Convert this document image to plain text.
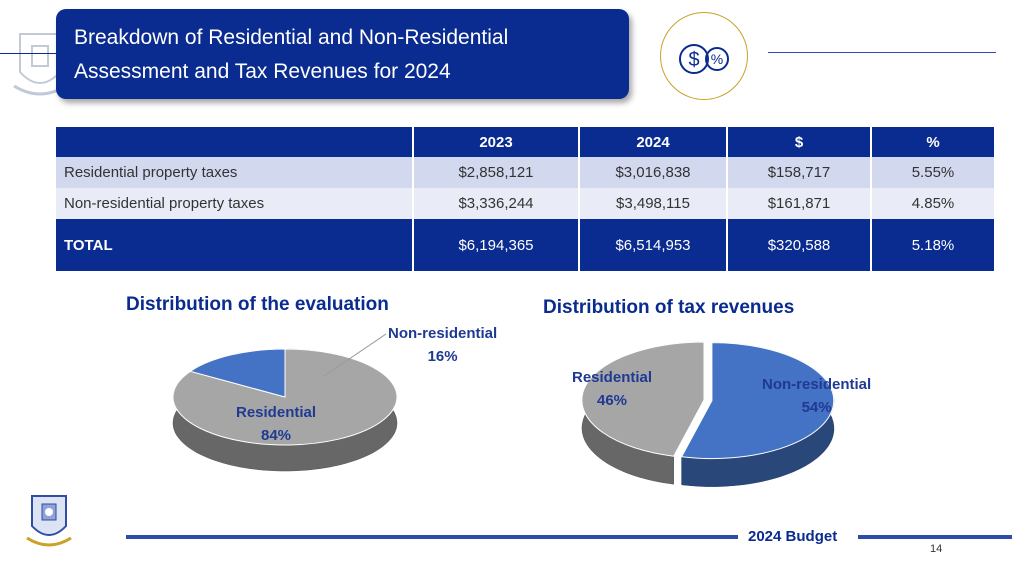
Breakdown of Residential and Non-Residential
Assessment and Tax Revenues for 2024	$ %
	2023	2024	$	%
Residential property taxes	$2,858,121	$3,016,838	$158,717	5.55%
Non-residential property taxes	$3,336,244	$3,498,115	$161,871	4.85%
TOTAL	$6,194,365	$6,514,953	$320,588	5.18%
Distribution of the evaluation
Non-residential
16%
Residential
84%
Distribution of tax revenues
Residential
46%
Non-residential
54%
2024 Budget
14
